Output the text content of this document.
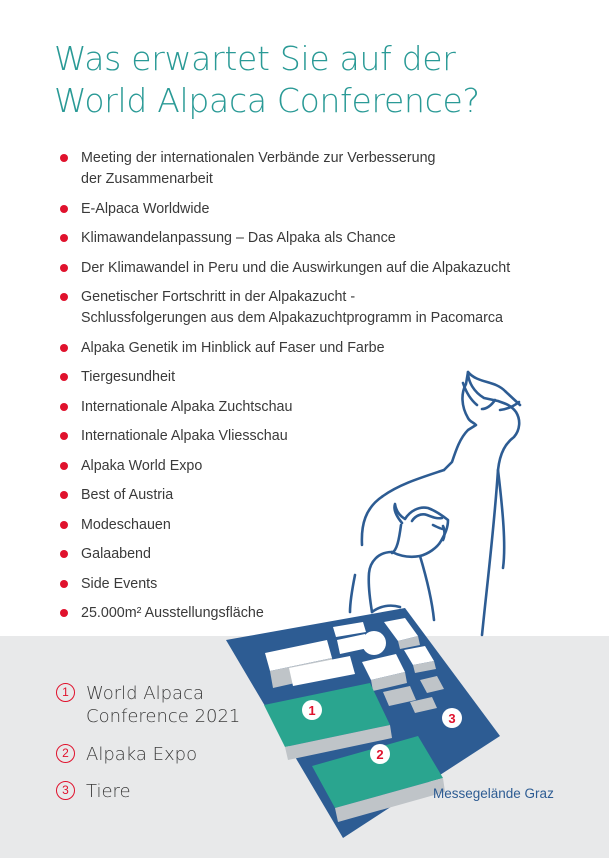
Was erwartet Sie auf der
World Alpaca Conference?
Meeting der internationalen Verbände zur Verbesserung
der Zusammenarbeit
E-Alpaca Worldwide
Klimawandelanpassung – Das Alpaka als Chance
Der Klimawandel in Peru und die Auswirkungen auf die Alpakazucht
Genetischer Fortschritt in der Alpakazucht -
Schlussfolgerungen aus dem Alpakazuchtprogramm in Pacomarca
Alpaka Genetik im Hinblick auf Faser und Farbe
Tiergesundheit
Internationale Alpaka Zuchtschau
Internationale Alpaka Vliesschau
Alpaka World Expo
Best of Austria
Modeschauen
Galaabend
Side Events
25.000m² Ausstellungsfläche
1
2
3
1 World Alpaca
Conference 2021
2 Alpaka Expo
3 Tiere	Messegelände Graz
